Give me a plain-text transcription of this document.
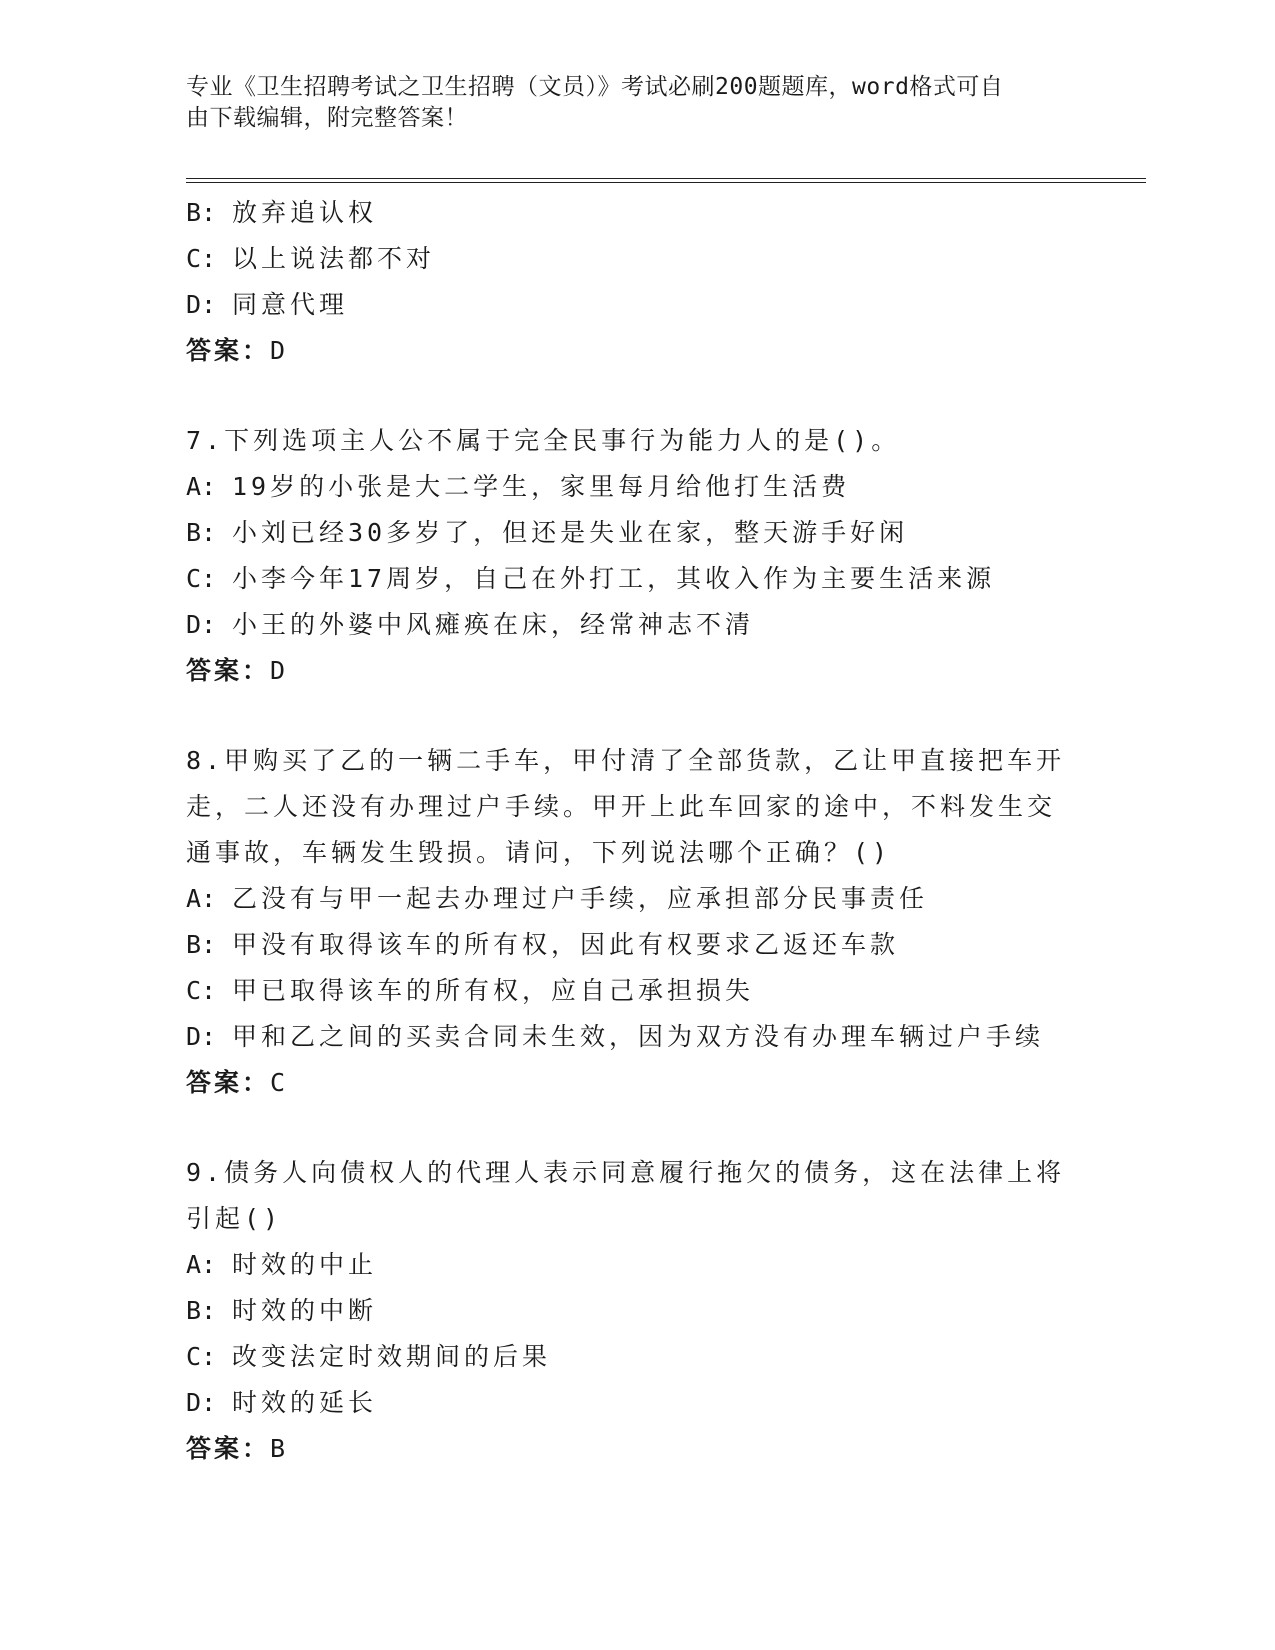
专业《卫生招聘考试之卫生招聘（文员）》考试必刷200题题库，word格式可自
由下载编辑，附完整答案！
B: 放弃追认权
C: 以上说法都不对
D: 同意代理
答案：D
7.下列选项主人公不属于完全民事行为能力人的是()。
A: 19岁的小张是大二学生，家里每月给他打生活费
B: 小刘已经30多岁了，但还是失业在家，整天游手好闲
C: 小李今年17周岁，自己在外打工，其收入作为主要生活来源
D: 小王的外婆中风瘫痪在床，经常神志不清
答案：D
8.甲购买了乙的一辆二手车，甲付清了全部货款，乙让甲直接把车开
走，二人还没有办理过户手续。甲开上此车回家的途中，不料发生交
通事故，车辆发生毁损。请问，下列说法哪个正确？()
A: 乙没有与甲一起去办理过户手续，应承担部分民事责任
B: 甲没有取得该车的所有权，因此有权要求乙返还车款
C: 甲已取得该车的所有权，应自己承担损失
D: 甲和乙之间的买卖合同未生效，因为双方没有办理车辆过户手续
答案：C
9.债务人向债权人的代理人表示同意履行拖欠的债务，这在法律上将
引起()
A: 时效的中止
B: 时效的中断
C: 改变法定时效期间的后果
D: 时效的延长
答案：B
